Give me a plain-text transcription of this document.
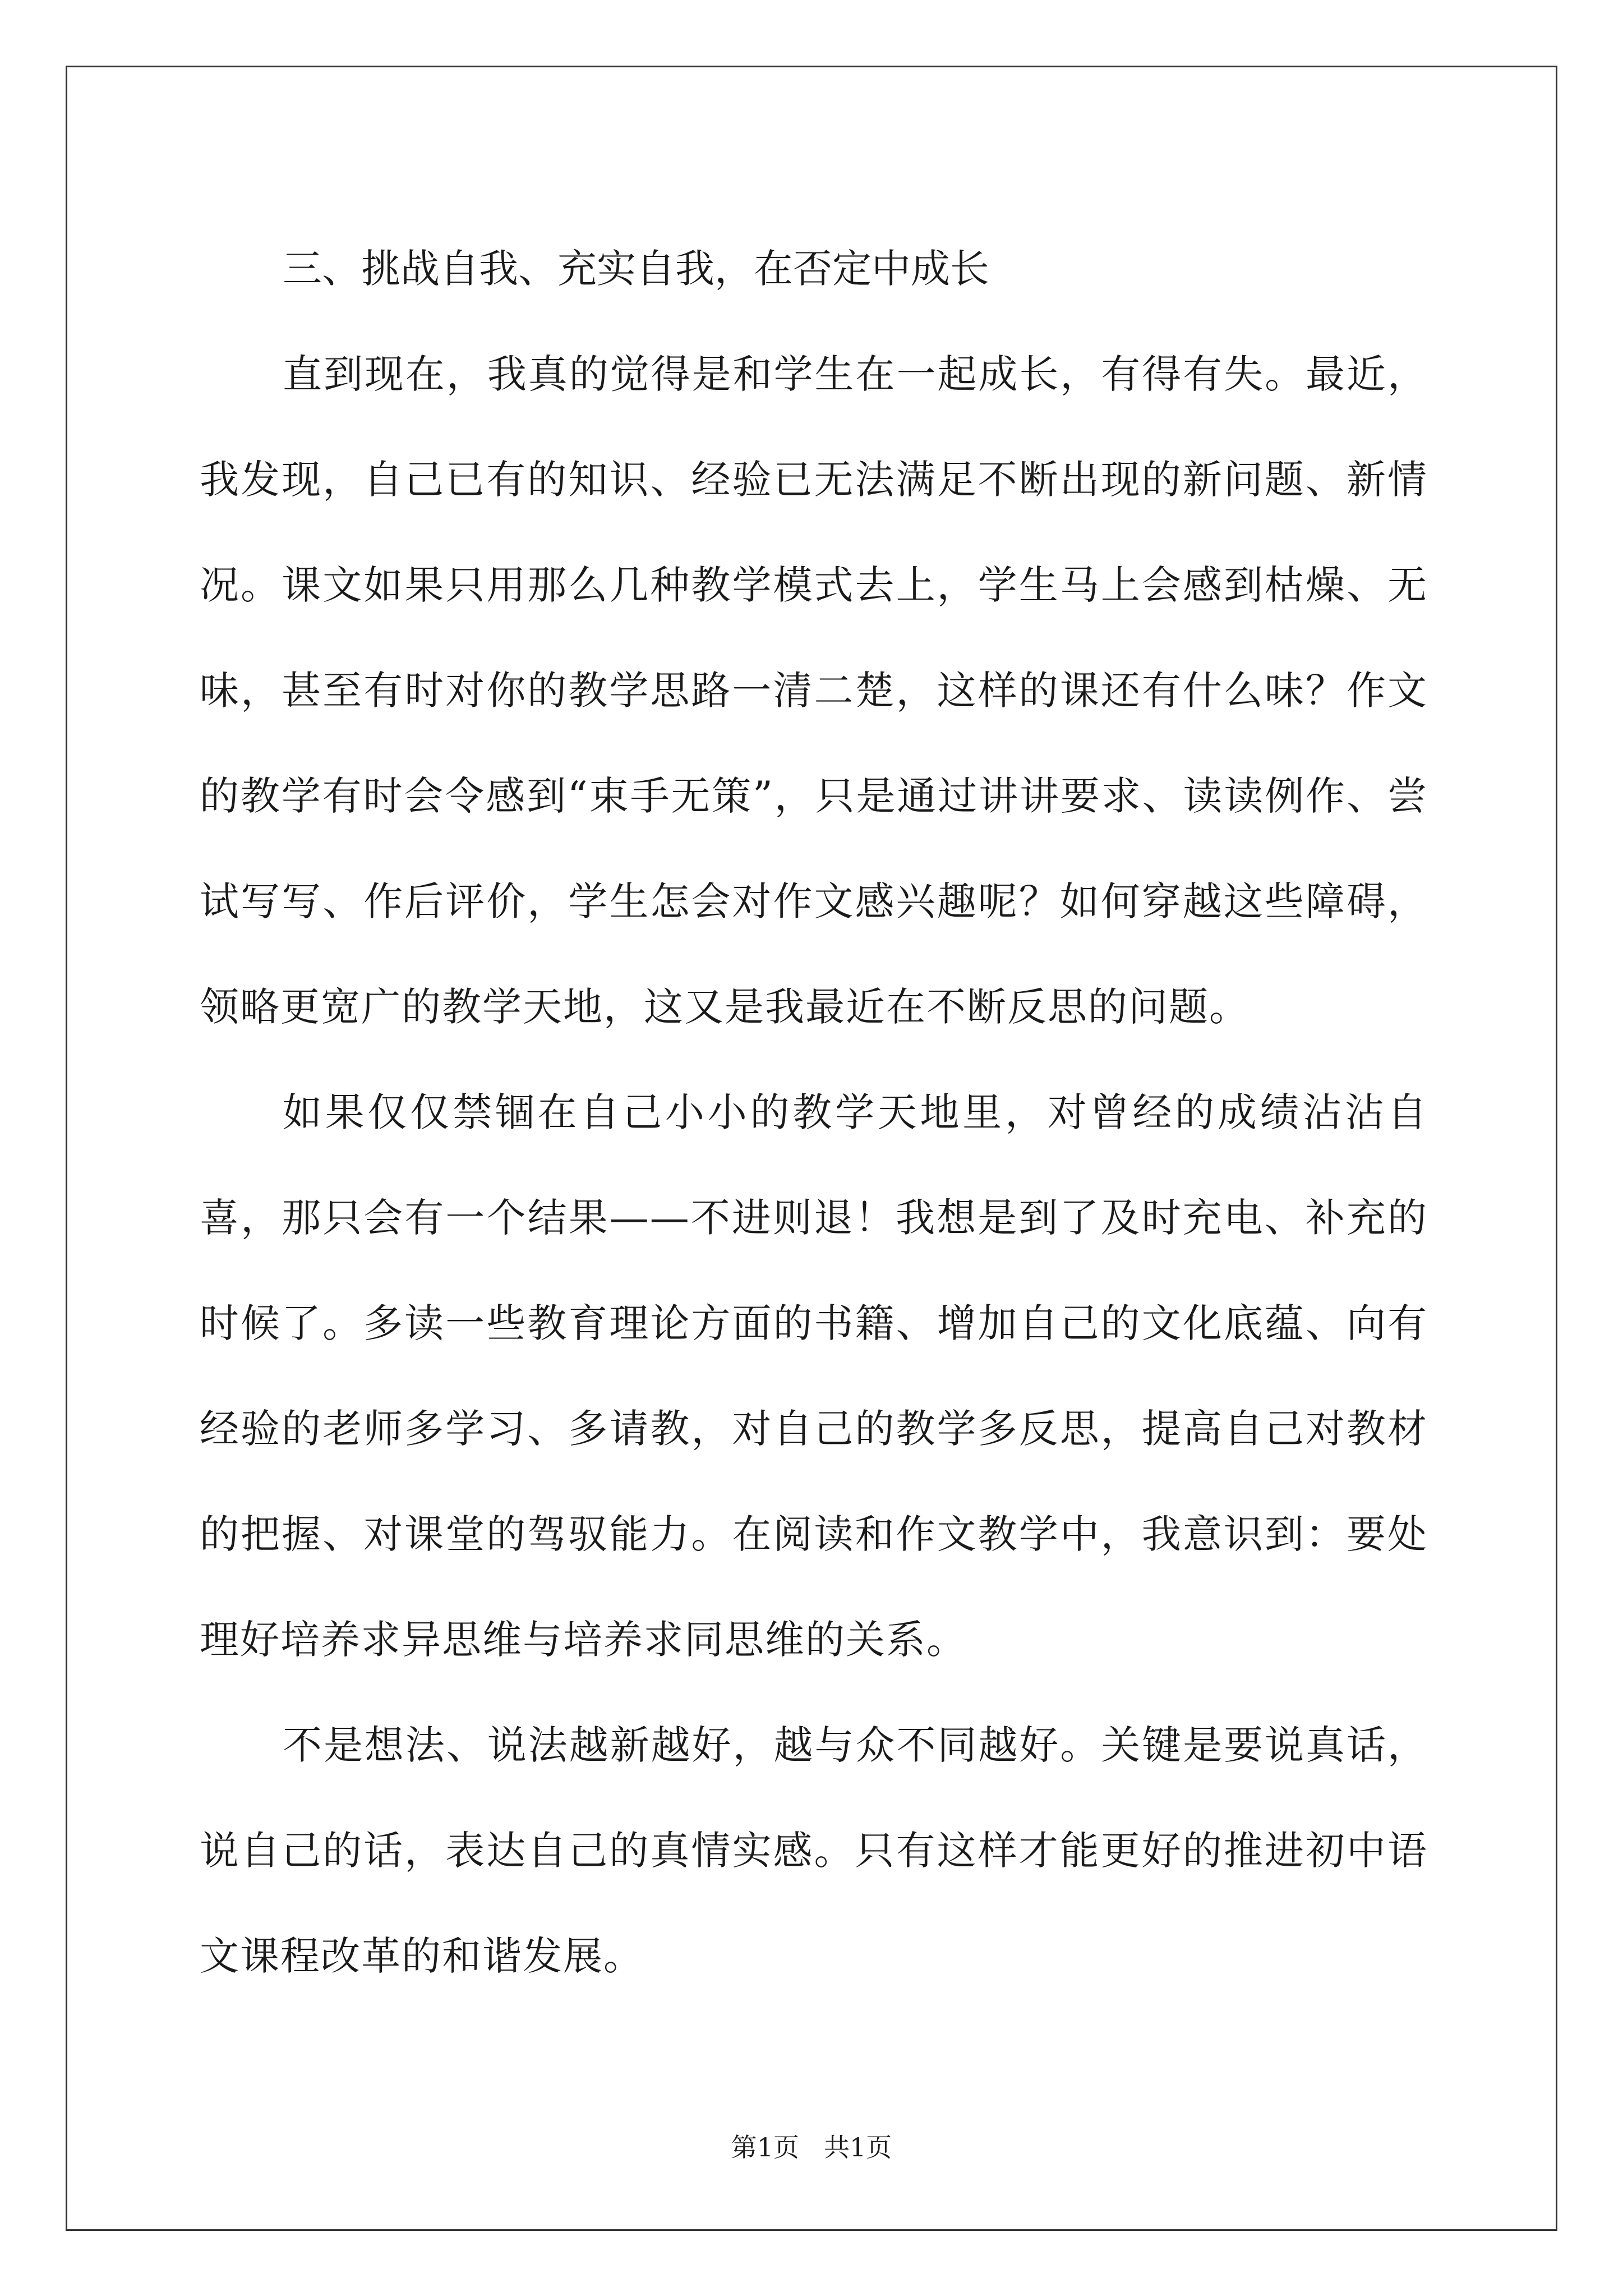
三、挑战自我、充实自我，在否定中成长

直到现在，我真的觉得是和学生在一起成长，有得有失。最近，我发现，自己已有的知识、经验已无法满足不断出现的新问题、新情况。课文如果只用那么几种教学模式去上，学生马上会感到枯燥、无味，甚至有时对你的教学思路一清二楚，这样的课还有什么味？作文的教学有时会令感到“束手无策”，只是通过讲讲要求、读读例作、尝试写写、作后评价，学生怎会对作文感兴趣呢？如何穿越这些障碍，领略更宽广的教学天地，这又是我最近在不断反思的问题。

如果仅仅禁锢在自己小小的教学天地里，对曾经的成绩沾沾自喜，那只会有一个结果——不进则退！我想是到了及时充电、补充的时候了。多读一些教育理论方面的书籍、增加自己的文化底蕴、向有经验的老师多学习、多请教，对自己的教学多反思，提高自己对教材的把握、对课堂的驾驭能力。在阅读和作文教学中，我意识到：要处理好培养求异思维与培养求同思维的关系。

不是想法、说法越新越好，越与众不同越好。关键是要说真话，说自己的话，表达自己的真情实感。只有这样才能更好的推进初中语文课程改革的和谐发展。

第1页 共1页
